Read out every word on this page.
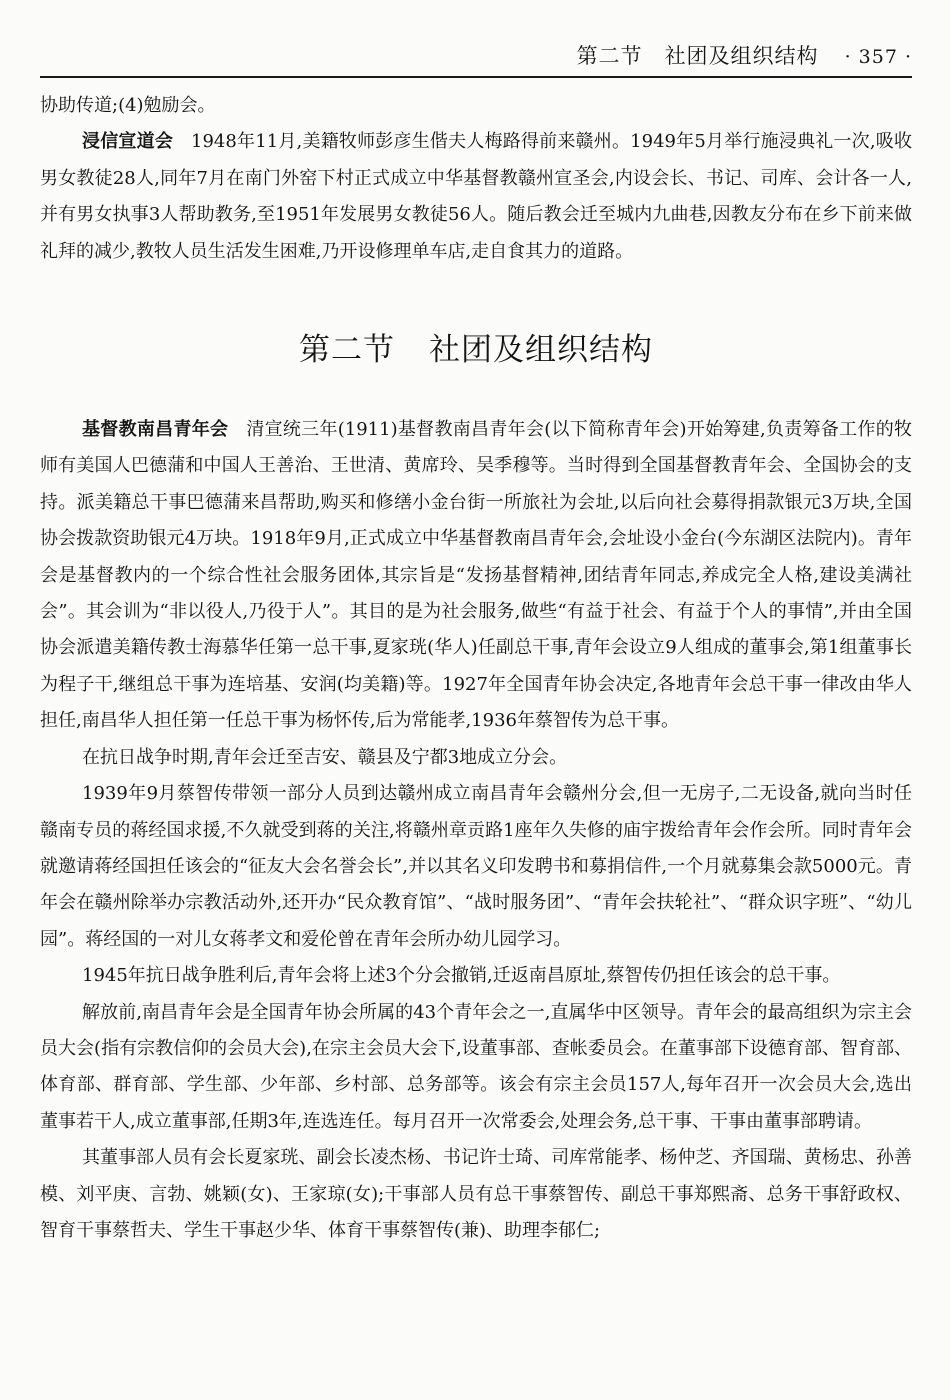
第二节 社团及组织结构 · 357 ·

协助传道;(4)勉励会。

浸信宣道会 1948年11月,美籍牧师彭彦生偕夫人梅路得前来赣州。1949年5月举行施浸典礼一次,吸收男女教徒28人,同年7月在南门外窑下村正式成立中华基督教赣州宣圣会,内设会长、书记、司库、会计各一人,并有男女执事3人帮助教务,至1951年发展男女教徒56人。随后教会迁至城内九曲巷,因教友分布在乡下前来做礼拜的减少,教牧人员生活发生困难,乃开设修理单车店,走自食其力的道路。

第二节 社团及组织结构

基督教南昌青年会 清宣统三年(1911)基督教南昌青年会(以下简称青年会)开始筹建,负责筹备工作的牧师有美国人巴德蒲和中国人王善治、王世清、黄席玲、吴季穆等。当时得到全国基督教青年会、全国协会的支持。派美籍总干事巴德蒲来昌帮助,购买和修缮小金台街一所旅社为会址,以后向社会募得捐款银元3万块,全国协会拨款资助银元4万块。1918年9月,正式成立中华基督教南昌青年会,会址设小金台(今东湖区法院内)。青年会是基督教内的一个综合性社会服务团体,其宗旨是“发扬基督精神,团结青年同志,养成完全人格,建设美满社会”。其会训为“非以役人,乃役于人”。其目的是为社会服务,做些“有益于社会、有益于个人的事情”,并由全国协会派遣美籍传教士海慕华任第一总干事,夏家珖(华人)任副总干事,青年会设立9人组成的董事会,第1组董事长为程子干,继组总干事为连培基、安润(均美籍)等。1927年全国青年协会决定,各地青年会总干事一律改由华人担任,南昌华人担任第一任总干事为杨怀传,后为常能孝,1936年蔡智传为总干事。

在抗日战争时期,青年会迁至吉安、赣县及宁都3地成立分会。

1939年9月蔡智传带领一部分人员到达赣州成立南昌青年会赣州分会,但一无房子,二无设备,就向当时任赣南专员的蒋经国求援,不久就受到蒋的关注,将赣州章贡路1座年久失修的庙宇拨给青年会作会所。同时青年会就邀请蒋经国担任该会的“征友大会名誉会长”,并以其名义印发聘书和募捐信件,一个月就募集会款5000元。青年会在赣州除举办宗教活动外,还开办“民众教育馆”、“战时服务团”、“青年会扶轮社”、“群众识字班”、“幼儿园”。蒋经国的一对儿女蒋孝文和爱伦曾在青年会所办幼儿园学习。

1945年抗日战争胜利后,青年会将上述3个分会撤销,迁返南昌原址,蔡智传仍担任该会的总干事。

解放前,南昌青年会是全国青年协会所属的43个青年会之一,直属华中区领导。青年会的最高组织为宗主会员大会(指有宗教信仰的会员大会),在宗主会员大会下,设董事部、查帐委员会。在董事部下设德育部、智育部、体育部、群育部、学生部、少年部、乡村部、总务部等。该会有宗主会员157人,每年召开一次会员大会,选出董事若干人,成立董事部,任期3年,连选连任。每月召开一次常委会,处理会务,总干事、干事由董事部聘请。

其董事部人员有会长夏家珖、副会长凌杰杨、书记许士琦、司库常能孝、杨仲芝、齐国瑞、黄杨忠、孙善模、刘平庚、言勃、姚颖(女)、王家琼(女);干事部人员有总干事蔡智传、副总干事郑熙斋、总务干事舒政权、智育干事蔡哲夫、学生干事赵少华、体育干事蔡智传(兼)、助理李郁仁;
